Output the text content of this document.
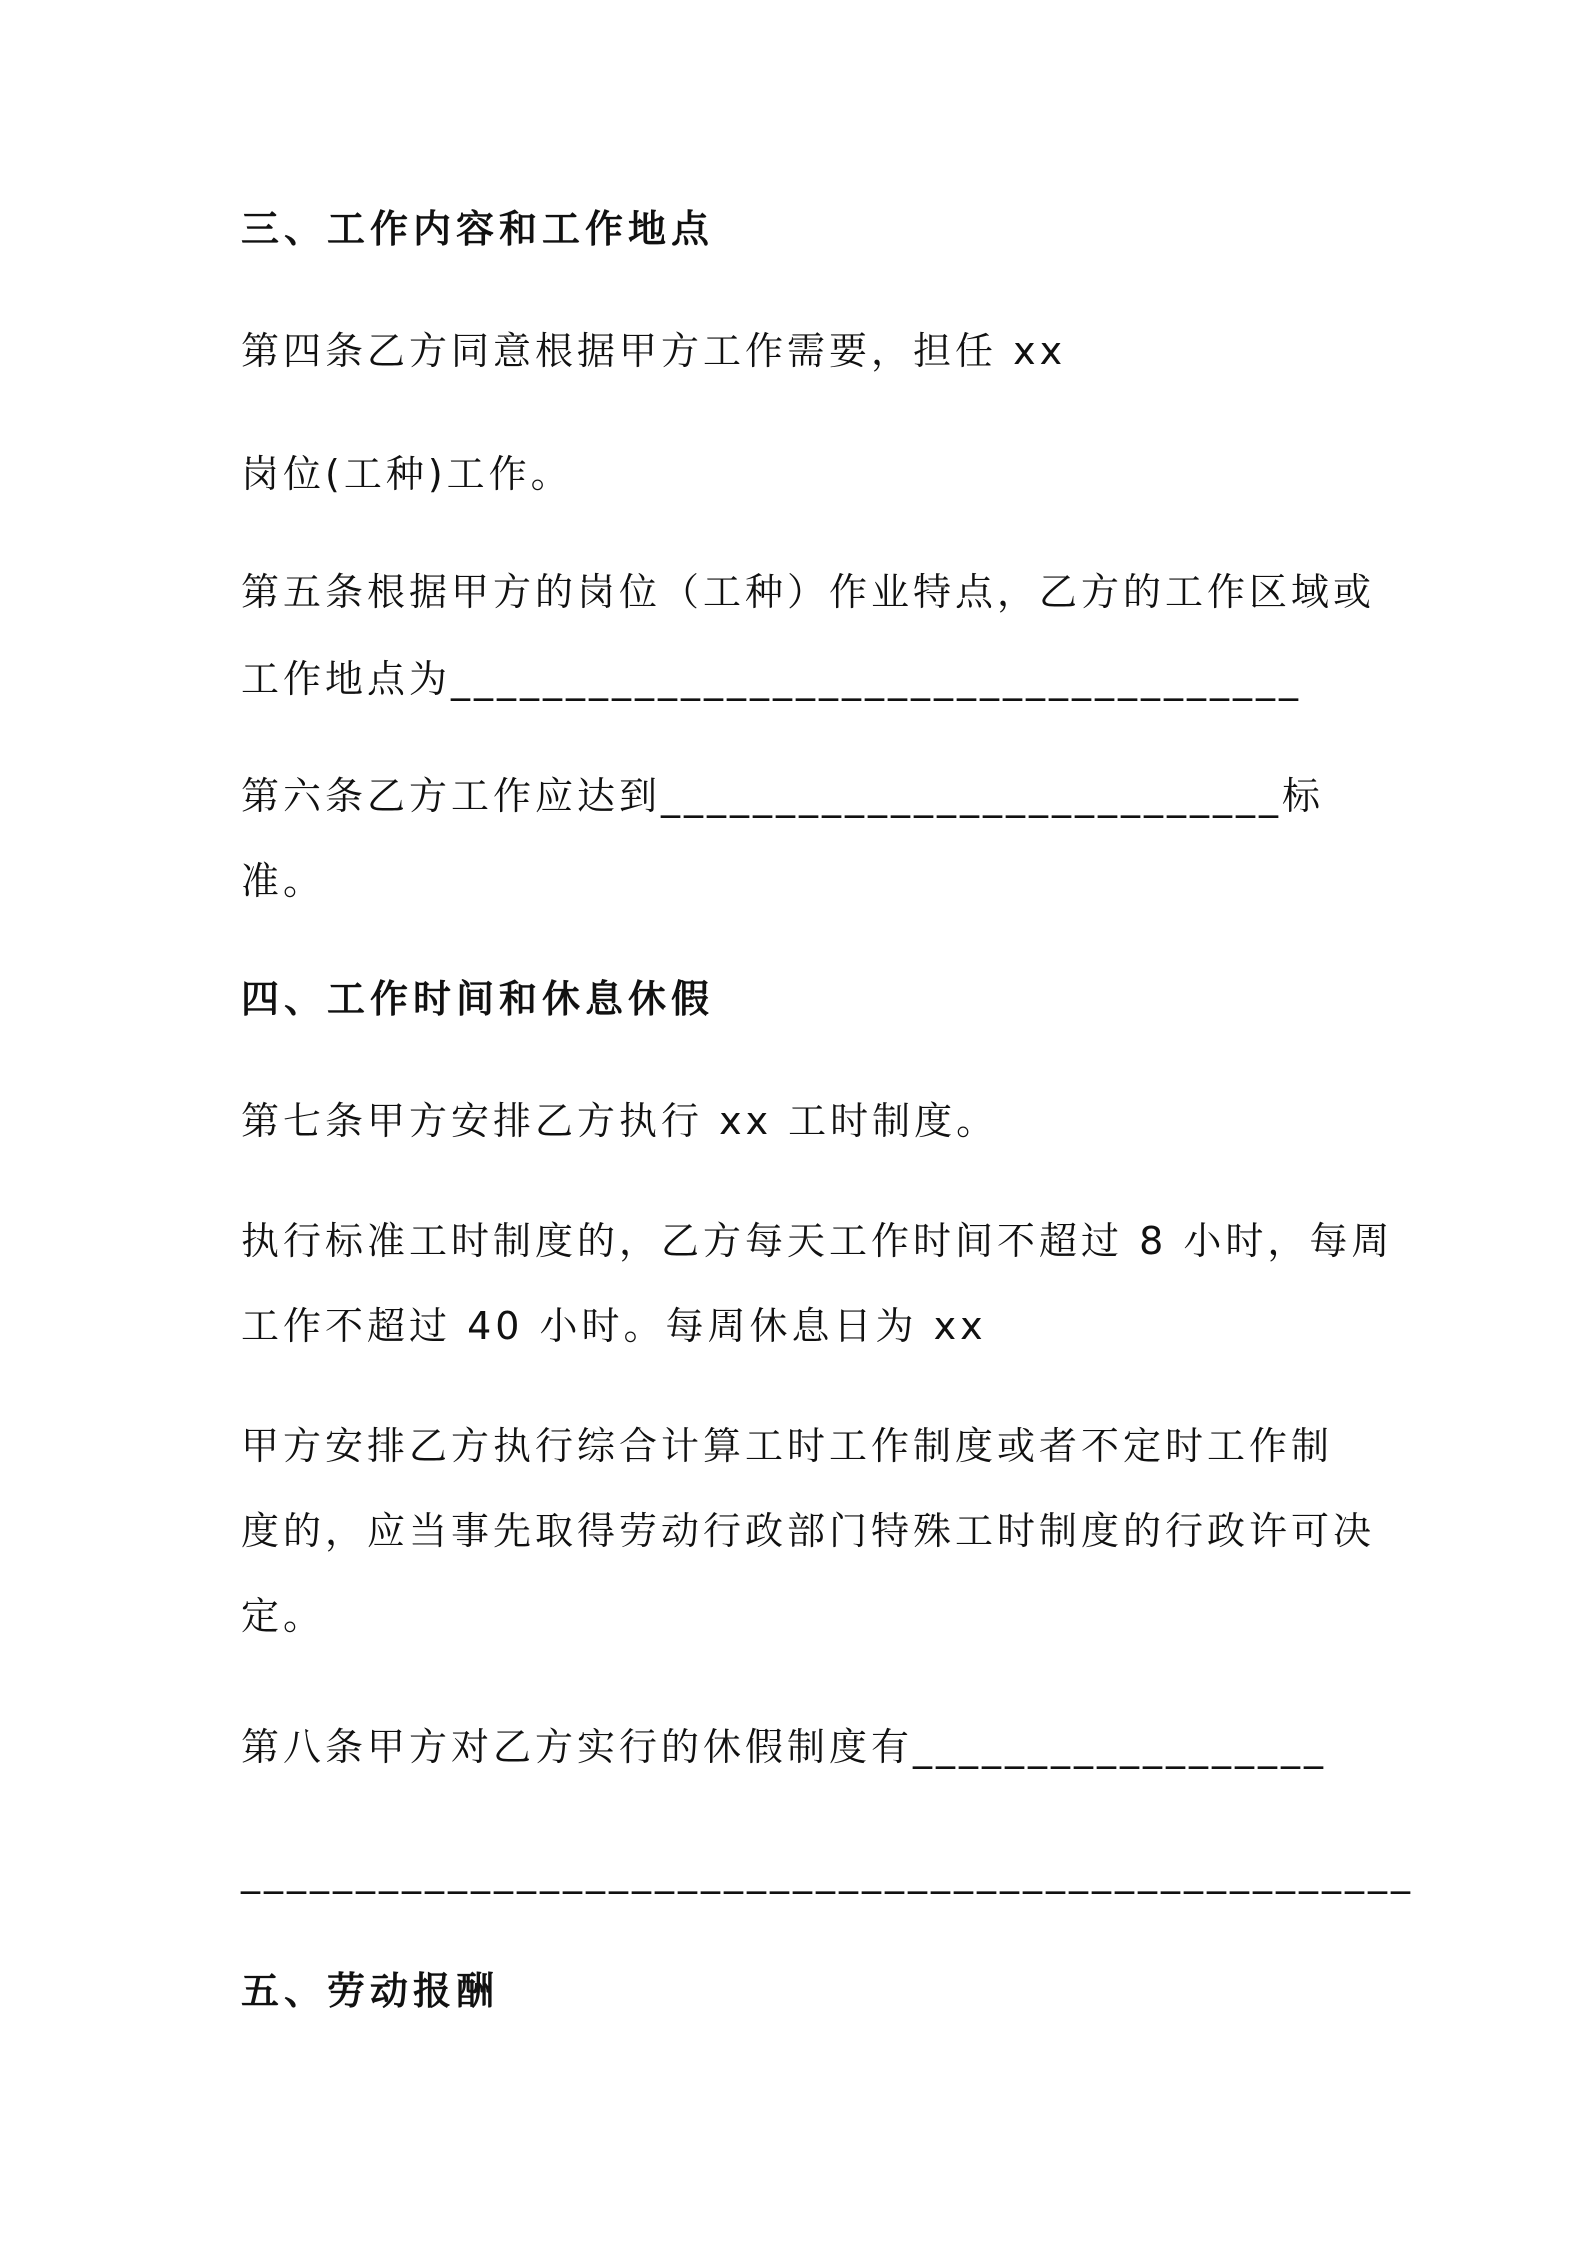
三、工作内容和工作地点
第四条乙方同意根据甲方工作需要，担任 xx
岗位(工种)工作。
第五条根据甲方的岗位（工种）作业特点，乙方的工作区域或
工作地点为_____________________________________
第六条乙方工作应达到___________________________标
准。
四、工作时间和休息休假
第七条甲方安排乙方执行 xx 工时制度。
执行标准工时制度的，乙方每天工作时间不超过 8 小时，每周
工作不超过 40 小时。每周休息日为 xx
甲方安排乙方执行综合计算工时工作制度或者不定时工作制
度的，应当事先取得劳动行政部门特殊工时制度的行政许可决
定。
第八条甲方对乙方实行的休假制度有__________________
___________________________________________________
五、劳动报酬
